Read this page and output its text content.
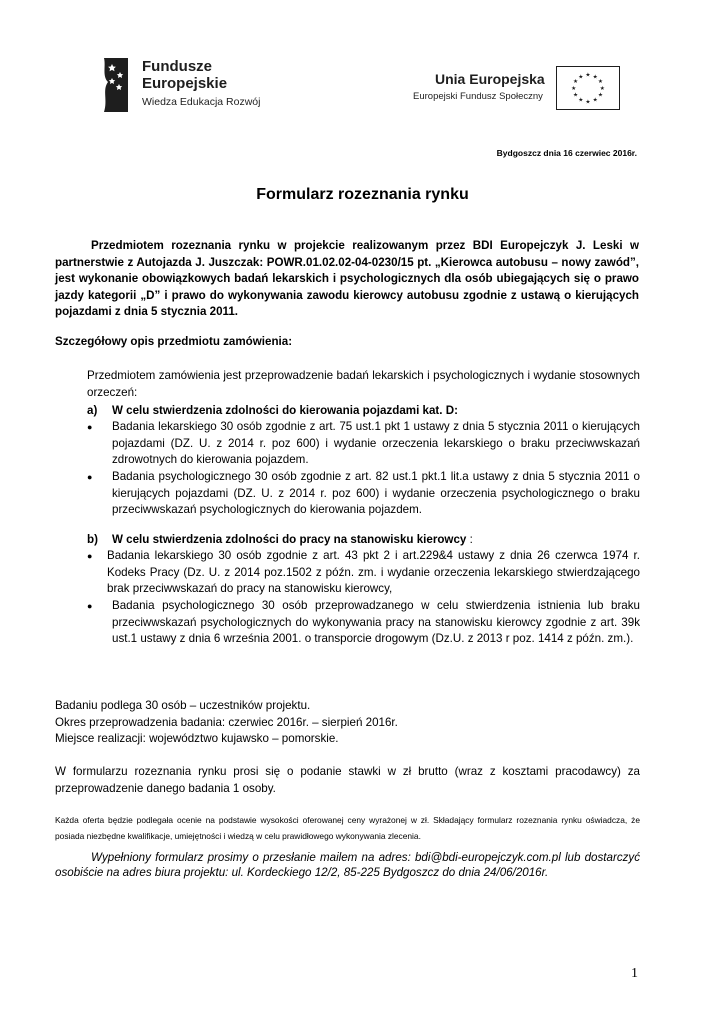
Fundusze
Europejskie
Wiedza Edukacja Rozwój
Unia Europejska
Europejski Fundusz Społeczny
★ ★
★
★
★
★
★
★
★
★
★
★
Bydgoszcz dnia 16 czerwiec 2016r.
Formularz rozeznania rynku
Przedmiotem rozeznania rynku w projekcie realizowanym przez BDI Europejczyk J. Leski w partnerstwie z Autojazda J. Juszczak: POWR.01.02.02-04-0230/15 pt. „Kierowca autobusu – nowy zawód”, jest wykonanie obowiązkowych badań lekarskich i psychologicznych dla osób ubiegających się o prawo jazdy kategorii „D” i prawo do wykonywania zawodu kierowcy autobusu zgodnie z ustawą o kierujących pojazdami z dnia 5 stycznia 2011.
Szczegółowy opis przedmiotu zamówienia:
Przedmiotem zamówienia jest przeprowadzenie badań lekarskich i psychologicznych i wydanie stosownych orzeczeń:
a) W celu stwierdzenia zdolności do kierowania pojazdami kat. D:
● Badania lekarskiego 30 osób zgodnie z art. 75 ust.1 pkt 1 ustawy z dnia 5 stycznia 2011 o kierujących pojazdami (DZ. U. z 2014 r. poz 600) i wydanie orzeczenia lekarskiego o braku przeciwwskazań zdrowotnych do kierowania pojazdem.
● Badania psychologicznego 30 osób zgodnie z art. 82 ust.1 pkt.1 lit.a ustawy z dnia 5 stycznia 2011 o kierujących pojazdami (DZ. U. z 2014 r. poz 600) i wydanie orzeczenia psychologicznego o braku przeciwwskazań psychologicznych do kierowania pojazdem.
b) W celu stwierdzenia zdolności do pracy na stanowisku kierowcy :
● Badania lekarskiego 30 osób zgodnie z art. 43 pkt 2 i art.229&4 ustawy z dnia 26 czerwca 1974 r. Kodeks Pracy (Dz. U. z 2014 poz.1502 z późn. zm. i wydanie orzeczenia lekarskiego stwierdzającego brak przeciwwskazań do pracy na stanowisku kierowcy,
● Badania psychologicznego 30 osób przeprowadzanego w celu stwierdzenia istnienia lub braku przeciwwskazań psychologicznych do wykonywania pracy na stanowisku kierowcy zgodnie z art. 39k ust.1 ustawy z dnia 6 września 2001. o transporcie drogowym (Dz.U. z 2013 r poz. 1414 z późn. zm.).
Badaniu podlega 30 osób – uczestników projektu.
Okres przeprowadzenia badania: czerwiec 2016r. – sierpień 2016r.
Miejsce realizacji: województwo kujawsko – pomorskie.
W formularzu rozeznania rynku prosi się o podanie stawki w zł brutto (wraz z kosztami pracodawcy) za przeprowadzenie danego badania 1 osoby.
Każda oferta będzie podlegała ocenie na podstawie wysokości oferowanej ceny wyrażonej w zł. Składający formularz rozeznania rynku oświadcza, że posiada niezbędne kwalifikacje, umiejętności i wiedzą w celu prawidłowego wykonywania zlecenia.
Wypełniony formularz prosimy o przesłanie mailem na adres: bdi@bdi-europejczyk.com.pl lub dostarczyć osobiście na adres biura projektu: ul. Kordeckiego 12/2, 85-225 Bydgoszcz do dnia 24/06/2016r.
1
